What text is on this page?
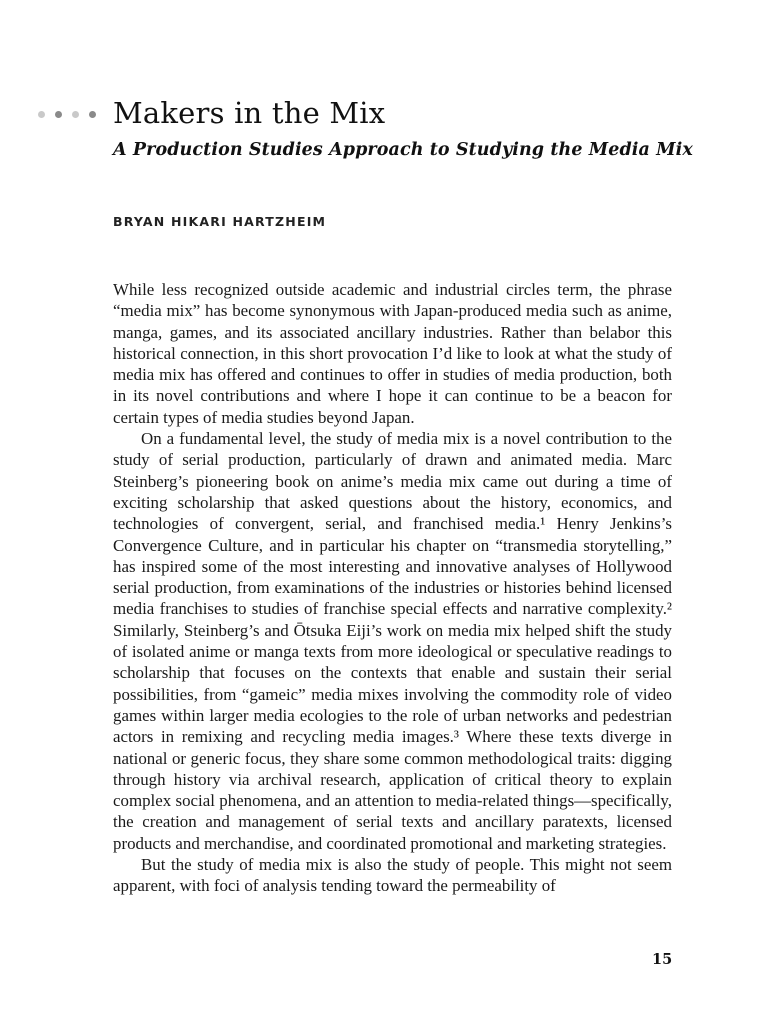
Makers in the Mix
A Production Studies Approach to Studying the Media Mix

BRYAN HIKARI HARTZHEIM

While less recognized outside academic and industrial circles term, the phrase “media mix” has become synonymous with Japan-produced media such as anime, manga, games, and its associated ancillary industries. Rather than belabor this historical connection, in this short provocation I’d like to look at what the study of media mix has offered and continues to offer in studies of media production, both in its novel contributions and where I hope it can continue to be a beacon for certain types of media studies beyond Japan.

On a fundamental level, the study of media mix is a novel contribution to the study of serial production, particularly of drawn and animated media. Marc Steinberg’s pioneering book on anime’s media mix came out during a time of exciting scholarship that asked questions about the history, economics, and technologies of convergent, serial, and franchised media.¹ Henry Jenkins’s Convergence Culture, and in particular his chapter on “transmedia storytelling,” has inspired some of the most interesting and innovative analyses of Hollywood serial production, from examinations of the industries or histories behind licensed media franchises to studies of franchise special effects and narrative complexity.² Similarly, Steinberg’s and Ōtsuka Eiji’s work on media mix helped shift the study of isolated anime or manga texts from more ideological or speculative readings to scholarship that focuses on the contexts that enable and sustain their serial possibilities, from “gameic” media mixes involving the commodity role of video games within larger media ecologies to the role of urban networks and pedestrian actors in remixing and recycling media images.³ Where these texts diverge in national or generic focus, they share some common methodological traits: digging through history via archival research, application of critical theory to explain complex social phenomena, and an attention to media-related things—specifically, the creation and management of serial texts and ancillary paratexts, licensed products and merchandise, and coordinated promotional and marketing strategies.

But the study of media mix is also the study of people. This might not seem apparent, with foci of analysis tending toward the permeability of

15
